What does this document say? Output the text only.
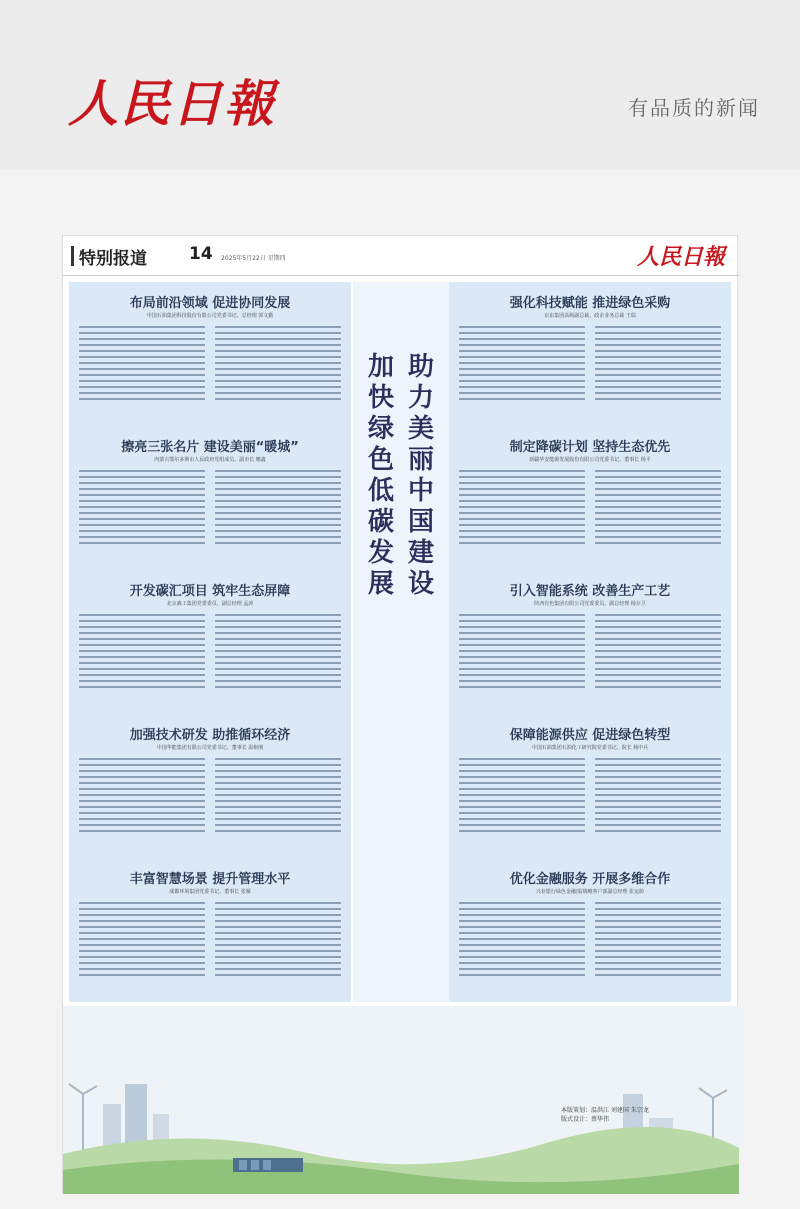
人民日報	有品质的新闻
特别报道 14 2025年5月22日 星期四	人民日報
布局前沿领域 促进协同发展
中国石油集团科技股份有限公司党委书记、总经理 郭文勤
擦亮三张名片 建设美丽“暖城”
内蒙古鄂尔多斯市人民政府党组成员、副市长 娜鑫
开发碳汇项目 筑牢生态屏障
北京森工集团党委委员、副总经理 孟涛
加强技术研发 助推循环经济
中国华能集团有限公司党委书记、董事长 温枢刚
丰富智慧场景 提升管理水平
成都环境集团党委书记、董事长 张雁
加快绿色低碳发展
助力美丽中国建设
强化科技赋能 推进绿色采购
京东集团高级副总裁、政企业务总裁 王瑞
制定降碳计划 坚持生态优先
新疆华安能源发展股份有限公司党委书记、董事长 杨平
引入智能系统 改善生产工艺
陕西有色集团有限公司党委委员、副总经理 杨存卫
保障能源供应 促进绿色转型
中国石油集团石油化工研究院党委书记、院长 杨中兵
优化金融服务 开展多维合作
兴业银行绿色金融部/战略客户部副总经理 张运龄
本版策划：温洪江 刘建国 朱宗龙
版式设计：蔡华伟
